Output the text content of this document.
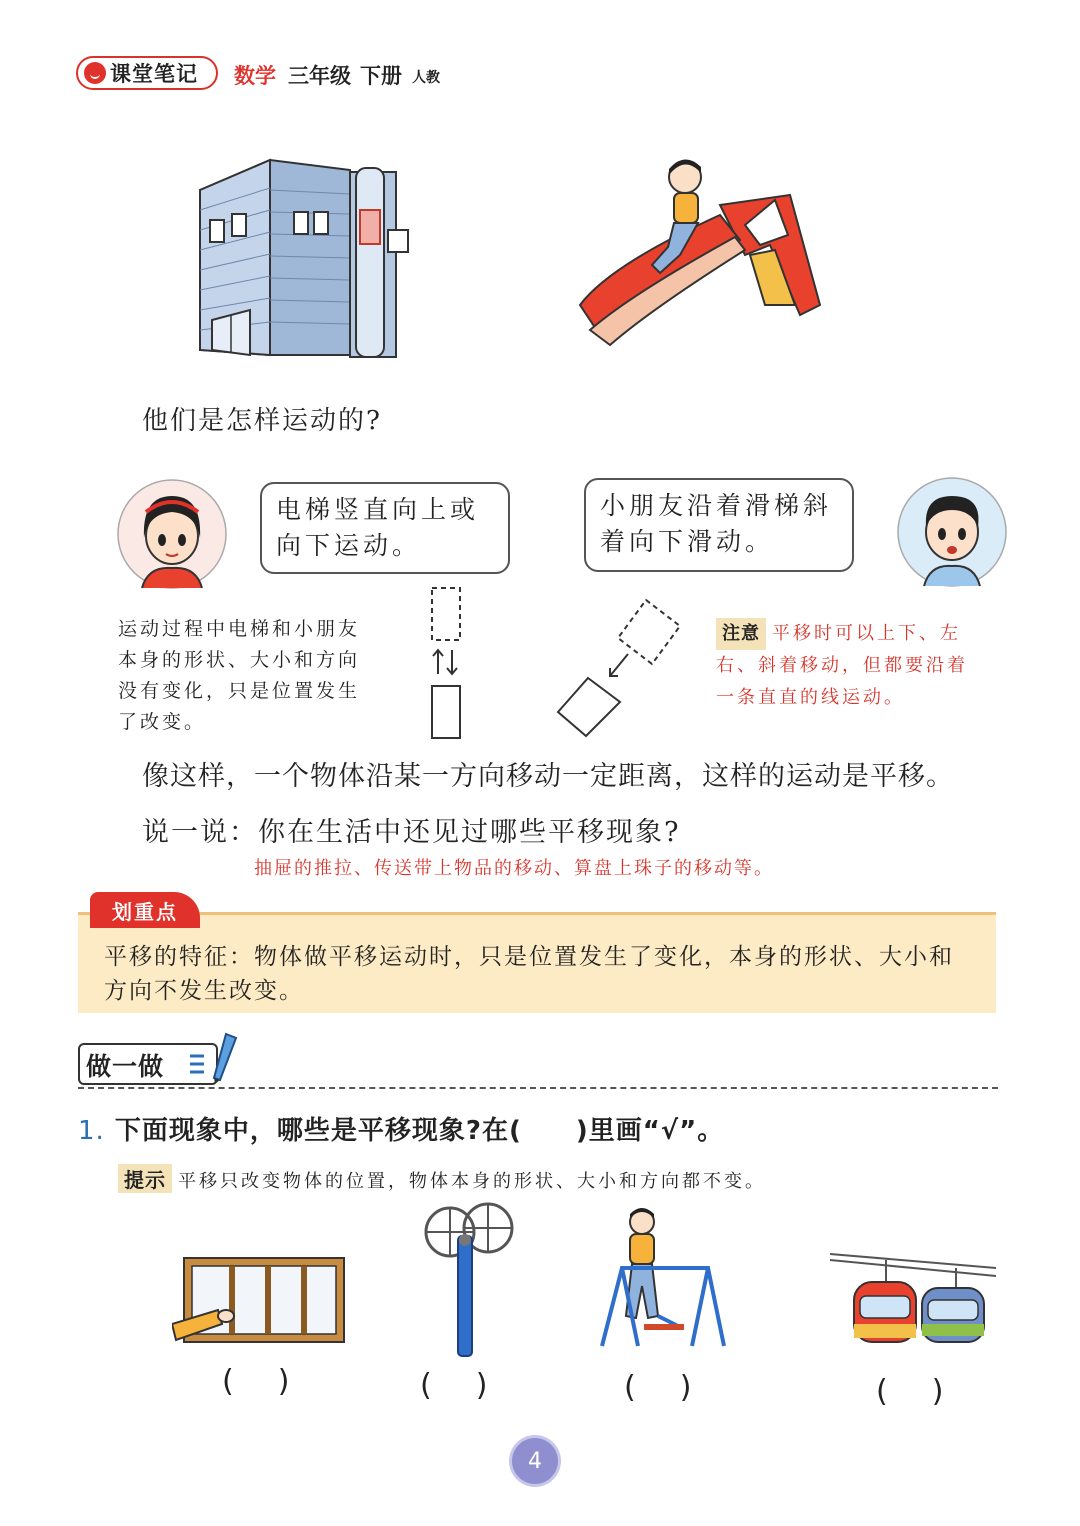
课堂笔记 数学 三年级 下册 人教
他们是怎样运动的?
电梯竖直向上或
向下运动。
小朋友沿着滑梯斜
着向下滑动。
运动过程中电梯和小朋友
本身的形状、大小和方向
没有变化，只是位置发生
了改变。
注意 平移时可以上下、左
右、斜着移动，但都要沿着
一条直直的线运动。
像这样，一个物体沿某一方向移动一定距离，这样的运动是平移。
说一说：你在生活中还见过哪些平移现象?
抽屉的推拉、传送带上物品的移动、算盘上珠子的移动等。
划重点
平移的特征：物体做平移运动时，只是位置发生了变化，本身的形状、大小和
方向不发生改变。
做一做
1. 下面现象中，哪些是平移现象?在(　　)里画“√”。
提示 平移只改变物体的位置，物体本身的形状、大小和方向都不变。
()	()	()	()
4
